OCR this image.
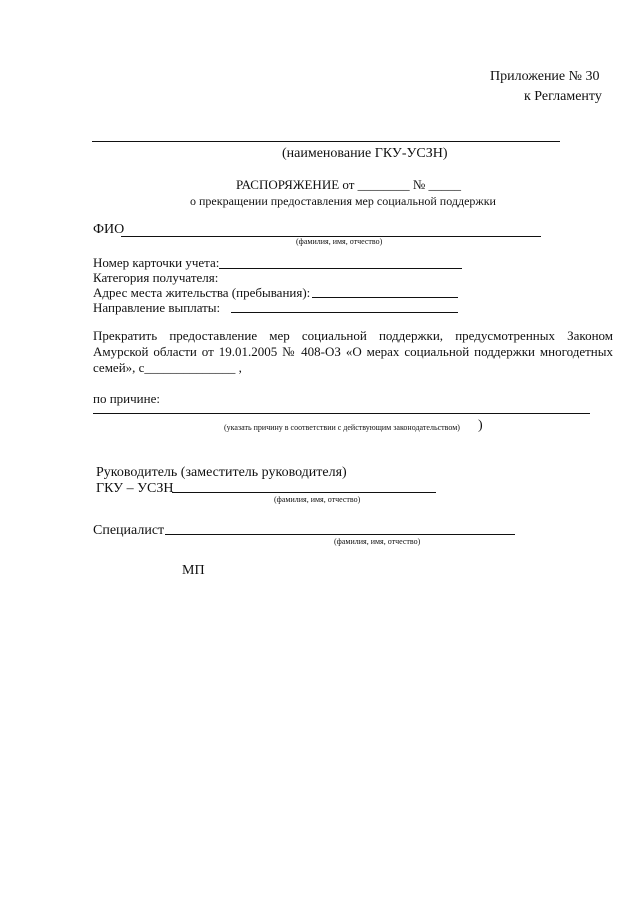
Приложение № 30
к Регламенту
(наименование ГКУ-УСЗН)
РАСПОРЯЖЕНИЕ от ________ № _____
о прекращении предоставления мер социальной поддержки
ФИО
(фамилия, имя, отчество)
Номер карточки учета:
Категория получателя:
Адрес места жительства (пребывания):
Направление выплаты:
Прекратить предоставление мер социальной поддержки, предусмотренных Законом
Амурской области от 19.01.2005 № 408-ОЗ «О мерах социальной поддержки многодетных
семей», с______________ ,
по причине:
(указать причину в соответствии с действующим законодательством) )
Руководитель (заместитель руководителя)
ГКУ – УСЗН
(фамилия, имя, отчество)
Специалист
(фамилия, имя, отчество)
МП
